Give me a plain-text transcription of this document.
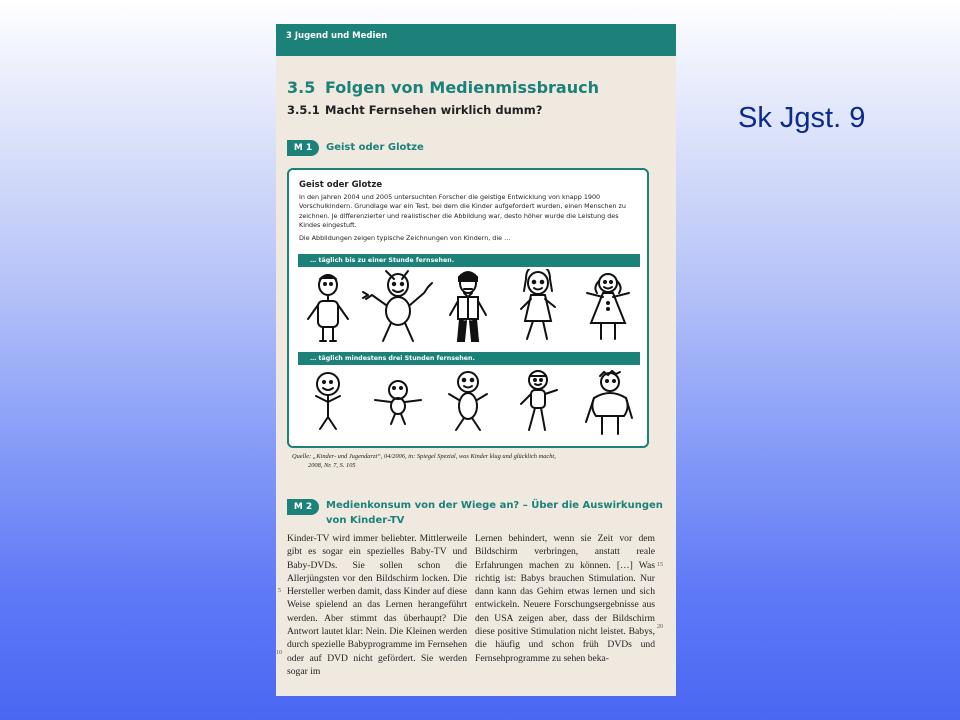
Sk Jgst. 9
3 Jugend und Medien
3.5 Folgen von Medienmissbrauch
3.5.1 Macht Fernsehen wirklich dumm?
M 1	Geist oder Glotze
Geist oder Glotze

In den Jahren 2004 und 2005 untersuchten Forscher die geistige Entwicklung von knapp 1900 Vorschulkindern. Grundlage war ein Test, bei dem die Kinder aufgefordert wurden, einen Menschen zu zeichnen. Je differenzierter und realistischer die Abbildung war, desto höher wurde die Leistung des Kindes eingestuft.

Die Abbildungen zeigen typische Zeichnungen von Kindern, die …

… täglich bis zu einer Stunde fernsehen.
… täglich mindestens drei Stunden fernsehen.
Quelle: „Kinder- und Jugendarzt“, 04/2006, in: Spiegel Spezial, was Kinder klug und glücklich macht,
2008, Nr. 7, S. 105
M 2	Medienkonsum von der Wiege an? – Über die Auswirkungen
von Kinder-TV

Kinder-TV wird immer beliebter. Mittlerweile gibt es sogar ein spezielles Baby-TV und Baby-DVDs. Sie sollen schon die Allerjüngsten vor den Bildschirm locken. Die Hersteller werben damit, dass Kinder auf diese Weise spielend an das Lernen herangeführt werden. Aber stimmt das überhaupt? Die Antwort lautet klar: Nein. Die Kleinen werden durch spezielle Babyprogramme im Fernsehen oder auf DVD nicht gefördert. Sie werden sogar im

Lernen behindert, wenn sie Zeit vor dem Bildschirm verbringen, anstatt reale Erfahrungen machen zu können. […] Was richtig ist: Babys brauchen Stimulation. Nur dann kann das Gehirn etwas lernen und sich entwickeln. Neuere Forschungsergebnisse aus den USA zeigen aber, dass der Bildschirm diese positive Stimulation nicht leistet. Babys, die häufig und schon früh DVDs und Fernsehprogramme zu sehen beka-

5
10
15
20
